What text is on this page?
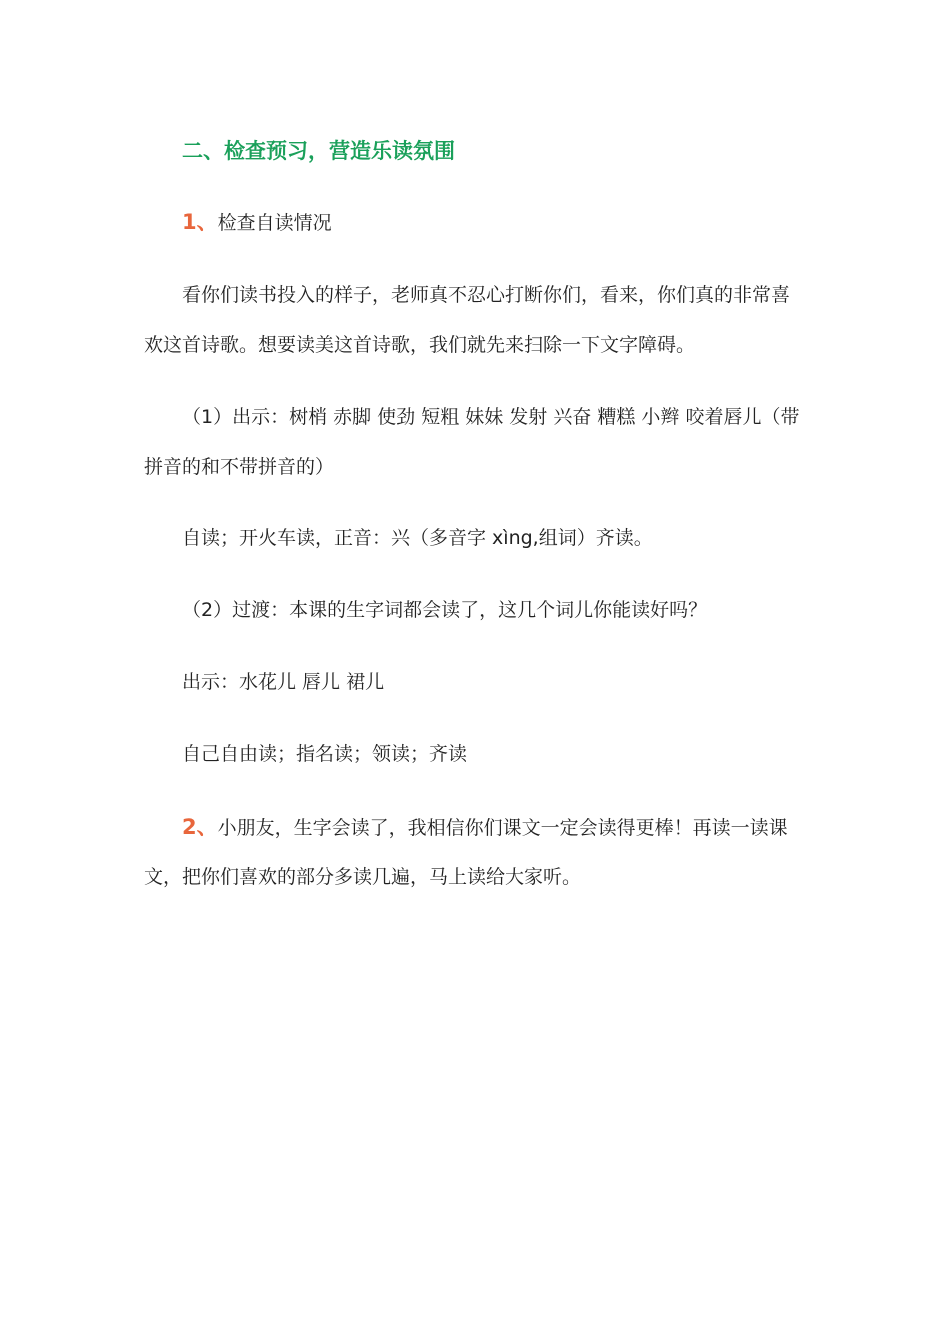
二、检查预习，营造乐读氛围
1、检查自读情况
看你们读书投入的样子，老师真不忍心打断你们，看来，你们真的非常喜
欢这首诗歌。想要读美这首诗歌，我们就先来扫除一下文字障碍。
（1）出示：树梢 赤脚 使劲 短粗 妹妹 发射 兴奋 糟糕 小辫 咬着唇儿（带
拼音的和不带拼音的）
自读；开火车读，正音：兴（多音字 xìng,组词）齐读。
（2）过渡：本课的生字词都会读了，这几个词儿你能读好吗？
出示：水花儿 唇儿 裙儿
自己自由读；指名读；领读；齐读
2、小朋友，生字会读了，我相信你们课文一定会读得更棒！再读一读课
文，把你们喜欢的部分多读几遍，马上读给大家听。
